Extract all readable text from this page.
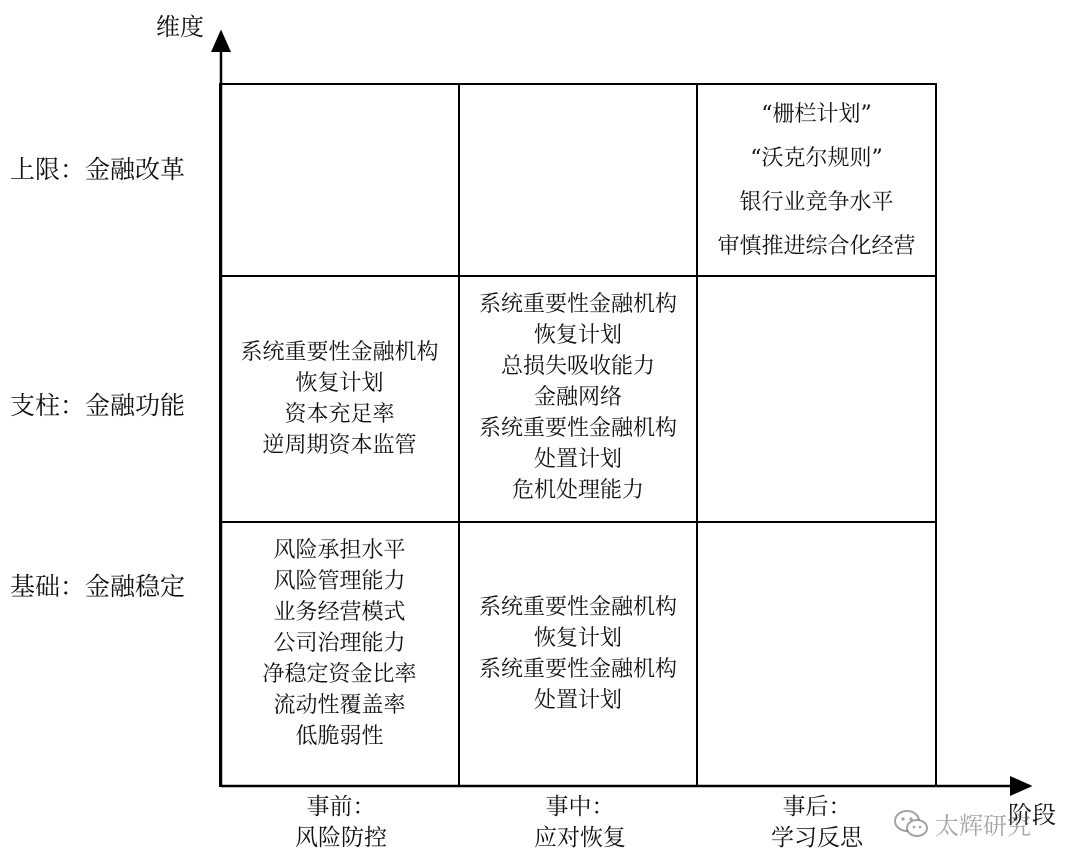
维度
阶段
上限：金融改革
支柱：金融功能
基础：金融稳定
“栅栏计划”
“沃克尔规则”
银行业竞争水平
审慎推进综合化经营
系统重要性金融机构
恢复计划
资本充足率
逆周期资本监管
系统重要性金融机构
恢复计划
总损失吸收能力
金融网络
系统重要性金融机构
处置计划
危机处理能力
风险承担水平
风险管理能力
业务经营模式
公司治理能力
净稳定资金比率
流动性覆盖率
低脆弱性
系统重要性金融机构
恢复计划
系统重要性金融机构
处置计划
事前：
风险防控
事中：
应对恢复
事后：
学习反思	太辉研究
